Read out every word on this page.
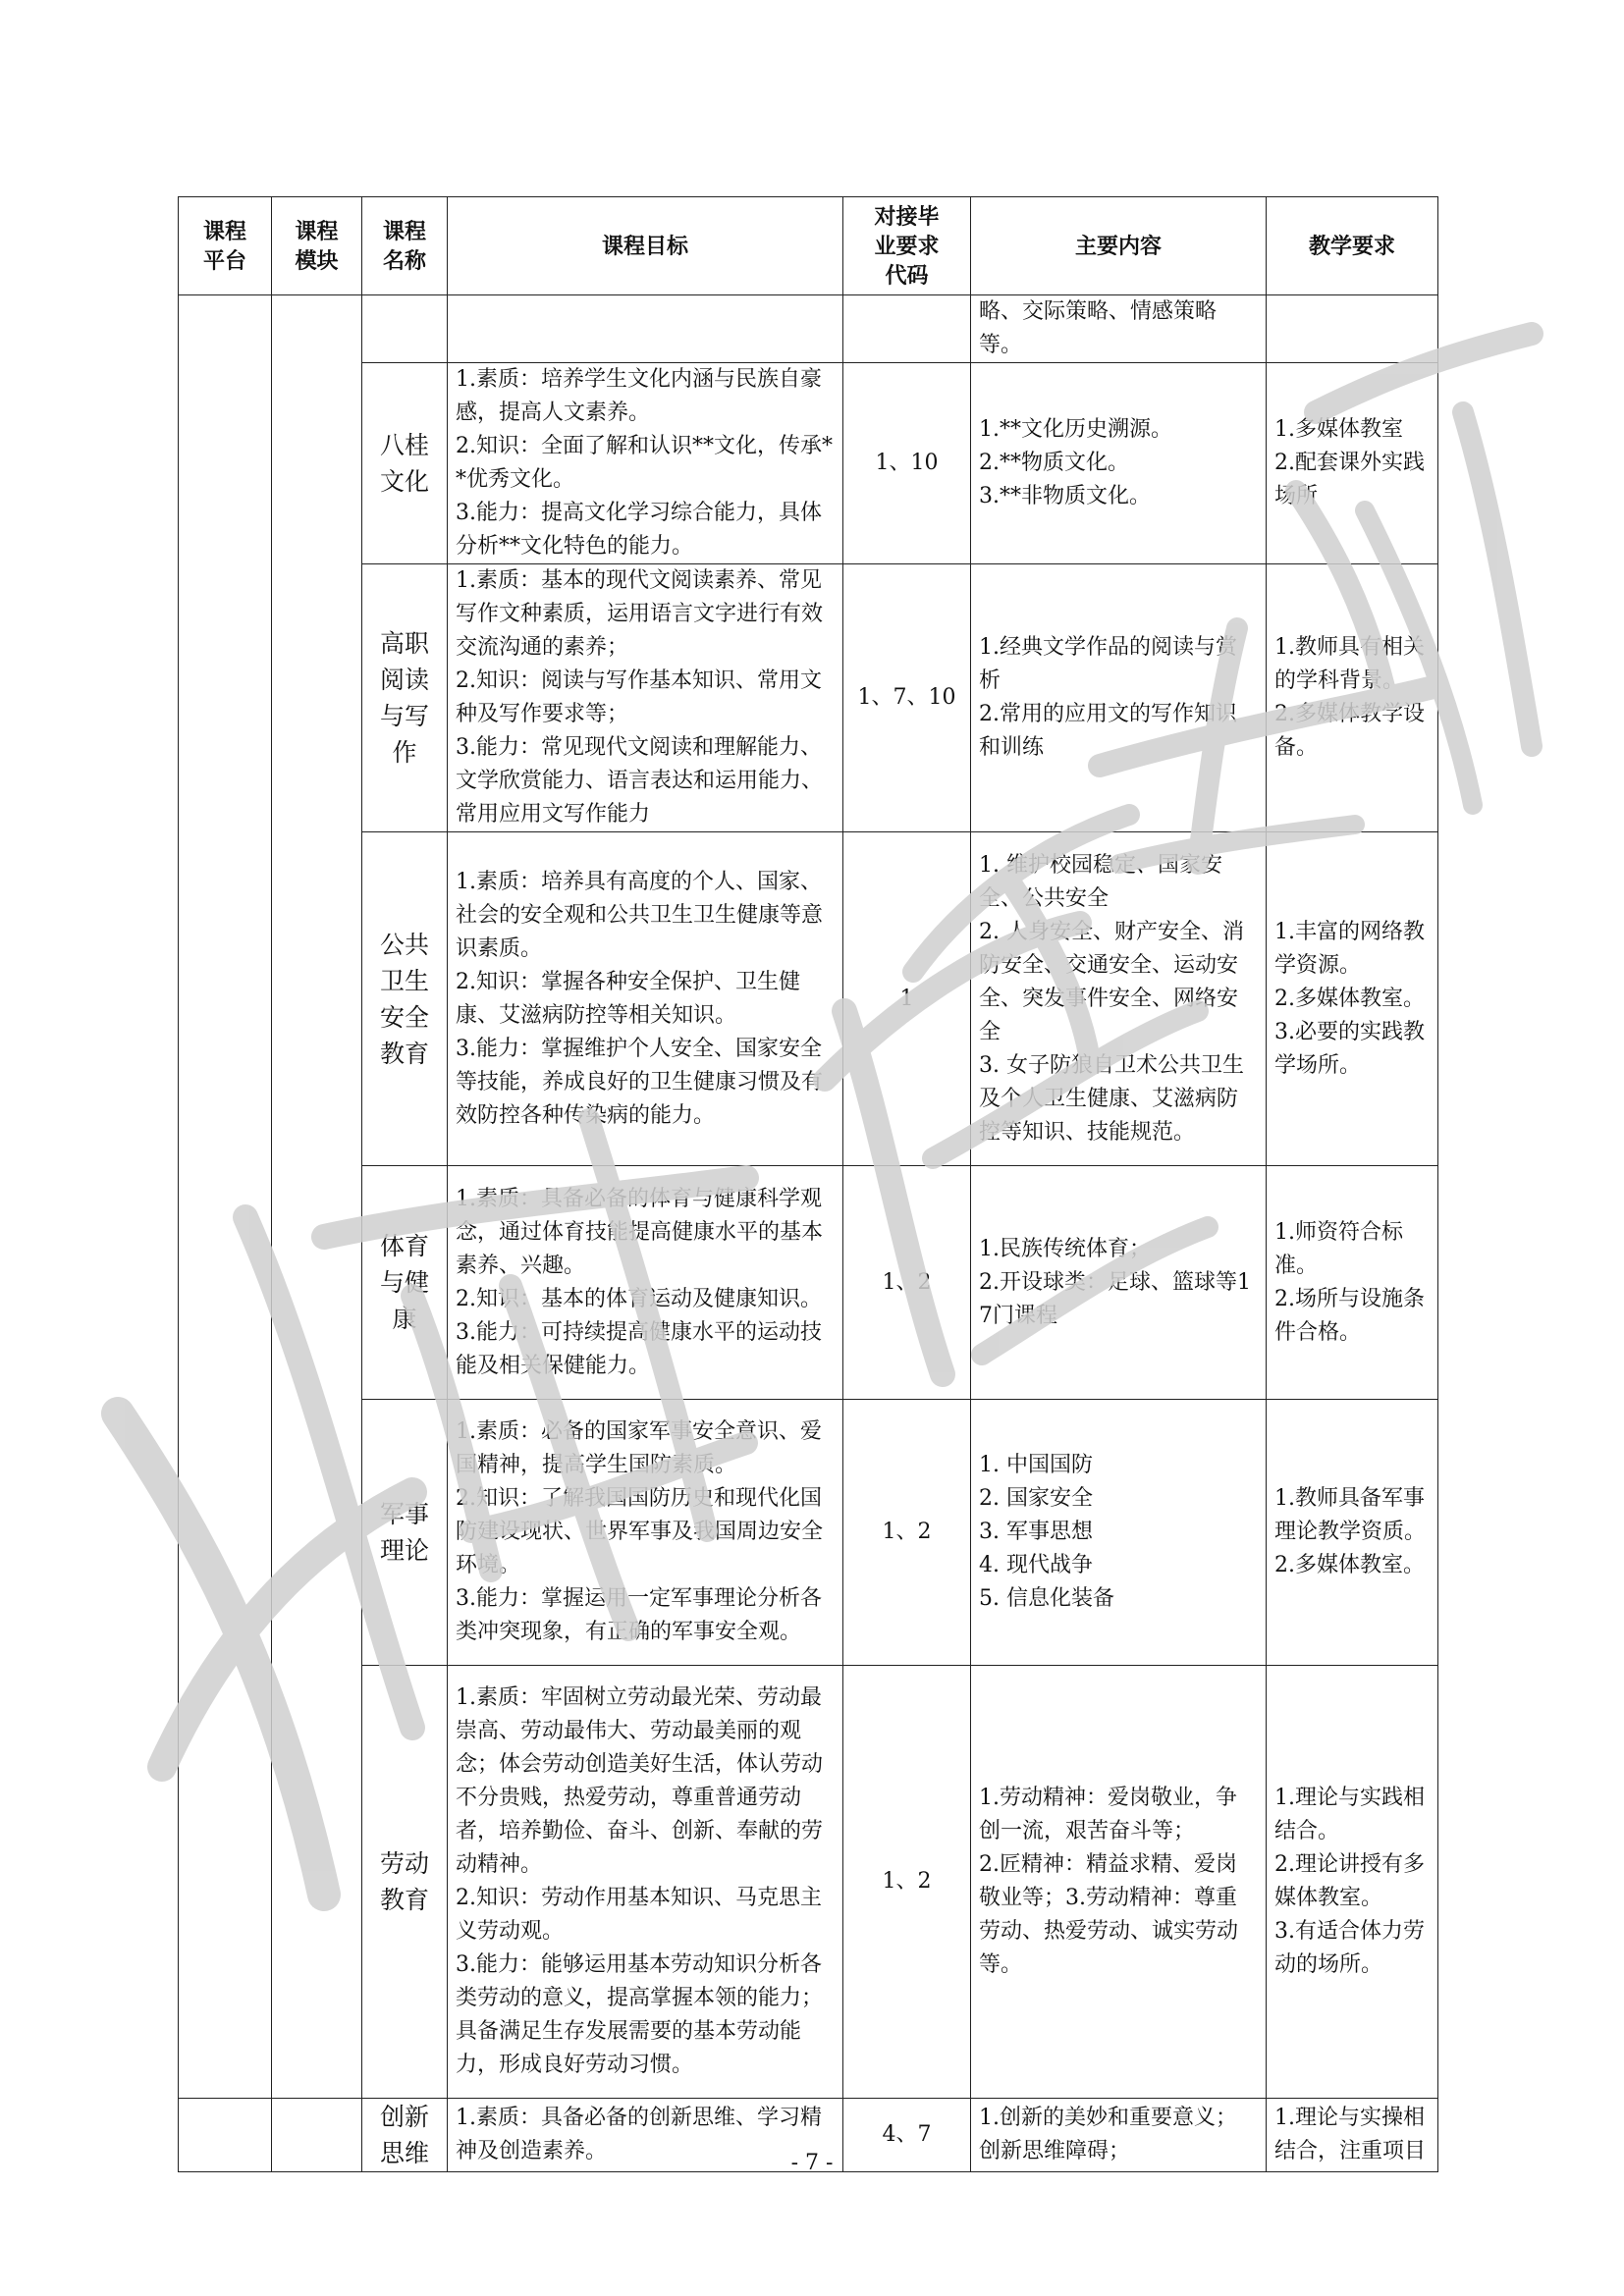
课程
平台	课程
模块	课程
名称	课程目标	对接毕
业要求
代码	主要内容	教学要求
					略、交际策略、情感策略
等。	
		八桂
文化	1.素质：培养学生文化内涵与民族自豪感，提高人文素养。
2.知识：全面了解和认识**文化，传承**优秀文化。
3.能力：提高文化学习综合能力，具体分析**文化特色的能力。	1、10	1.**文化历史溯源。
2.**物质文化。
3.**非物质文化。	1.多媒体教室
2.配套课外实践场所
		高职
阅读
与写
作	1.素质：基本的现代文阅读素养、常见写作文种素质，运用语言文字进行有效交流沟通的素养；
2.知识：阅读与写作基本知识、常用文种及写作要求等；
3.能力：常见现代文阅读和理解能力、文学欣赏能力、语言表达和运用能力、常用应用文写作能力	1、7、10	1.经典文学作品的阅读与赏析
2.常用的应用文的写作知识和训练	1.教师具有相关的学科背景。
2.多媒体教学设备。
		公共
卫生
安全
教育	1.素质：培养具有高度的个人、国家、社会的安全观和公共卫生卫生健康等意识素质。
2.知识：掌握各种安全保护、卫生健康、艾滋病防控等相关知识。
3.能力：掌握维护个人安全、国家安全等技能，养成良好的卫生健康习惯及有效防控各种传染病的能力。	1	1. 维护校园稳定、国家安全、公共安全
2. 人身安全、财产安全、消防安全、交通安全、运动安全、突发事件安全、网络安全
3. 女子防狼自卫术公共卫生及个人卫生健康、艾滋病防控等知识、技能规范。	1.丰富的网络教学资源。
2.多媒体教室。
3.必要的实践教学场所。
		体育
与健
康	1.素质：具备必备的体育与健康科学观念，通过体育技能提高健康水平的基本素养、兴趣。
2.知识：基本的体育运动及健康知识。
3.能力：可持续提高健康水平的运动技能及相关保健能力。	1、2	1.民族传统体育；
2.开设球类：足球、篮球等17门课程	1.师资符合标准。
2.场所与设施条件合格。
		军事
理论	1.素质：必备的国家军事安全意识、爱国精神，提高学生国防素质。
2.知识：了解我国国防历史和现代化国防建设现状、世界军事及我国周边安全环境。
3.能力：掌握运用一定军事理论分析各类冲突现象，有正确的军事安全观。	1、2	1. 中国国防
2. 国家安全
3. 军事思想
4. 现代战争
5. 信息化装备	1.教师具备军事理论教学资质。
2.多媒体教室。
		劳动
教育	1.素质：牢固树立劳动最光荣、劳动最崇高、劳动最伟大、劳动最美丽的观念；体会劳动创造美好生活，体认劳动不分贵贱，热爱劳动，尊重普通劳动者，培养勤俭、奋斗、创新、奉献的劳动精神。
2.知识：劳动作用基本知识、马克思主义劳动观。
3.能力：能够运用基本劳动知识分析各类劳动的意义，提高掌握本领的能力；具备满足生存发展需要的基本劳动能力，形成良好劳动习惯。	1、2	1.劳动精神：爱岗敬业，争创一流，艰苦奋斗等；
2.匠精神：精益求精、爱岗敬业等；3.劳动精神：尊重劳动、热爱劳动、诚实劳动等。	1.理论与实践相结合。
2.理论讲授有多媒体教室。
3.有适合体力劳动的场所。
		创新
思维	1.素质：具备必备的创新思维、学习精神及创造素养。	4、7	1.创新的美妙和重要意义；创新思维障碍；	1.理论与实操相结合，注重项目
- 7 -
